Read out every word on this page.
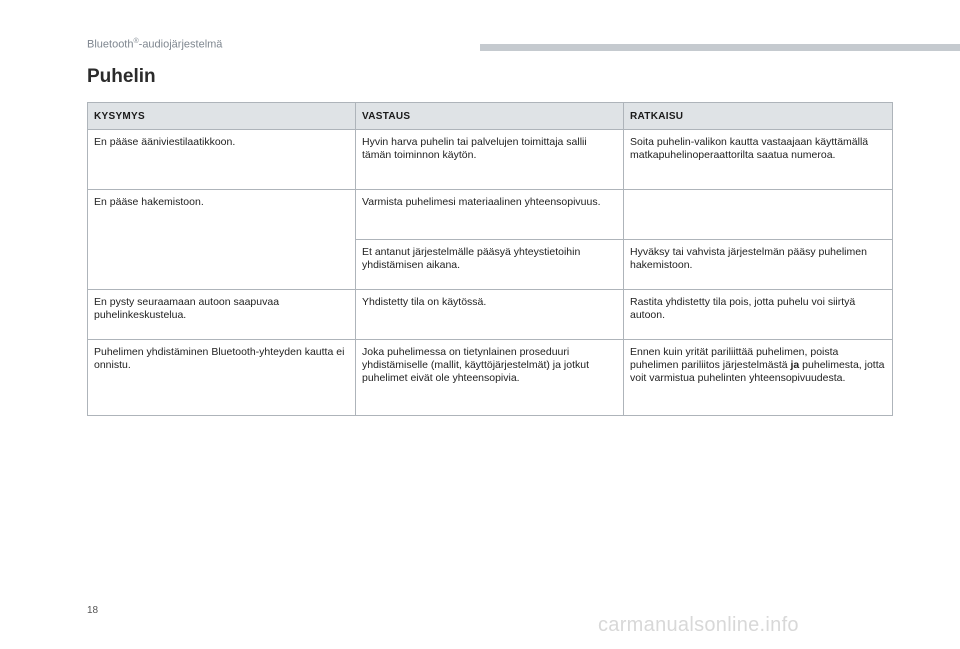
Bluetooth®-audiojärjestelmä
Puhelin
KYSYMYS	VASTAUS	RATKAISU
En pääse ääniviestilaatikkoon.	Hyvin harva puhelin tai palvelujen toimittaja sallii tämän toiminnon käytön.	Soita puhelin-valikon kautta vastaajaan käyttämällä matkapuhelinoperaattorilta saatua numeroa.
En pääse hakemistoon.	Varmista puhelimesi materiaalinen yhteensopivuus.	
	Et antanut järjestelmälle pääsyä yhteystietoihin yhdistämisen aikana.	Hyväksy tai vahvista järjestelmän pääsy puhelimen hakemistoon.
En pysty seuraamaan autoon saapuvaa puhelinkeskustelua.	Yhdistetty tila on käytössä.	Rastita yhdistetty tila pois, jotta puhelu voi siirtyä autoon.
Puhelimen yhdistäminen Bluetooth-yhteyden kautta ei onnistu.	Joka puhelimessa on tietynlainen proseduuri yhdistämiselle (mallit, käyttöjärjestelmät) ja jotkut puhelimet eivät ole yhteensopivia.	Ennen kuin yrität pariliittää puhelimen, poista puhelimen pariliitos järjestelmästä ja puhelimesta, jotta voit varmistua puhelinten yhteensopivuudesta.
18
carmanualsonline.info
